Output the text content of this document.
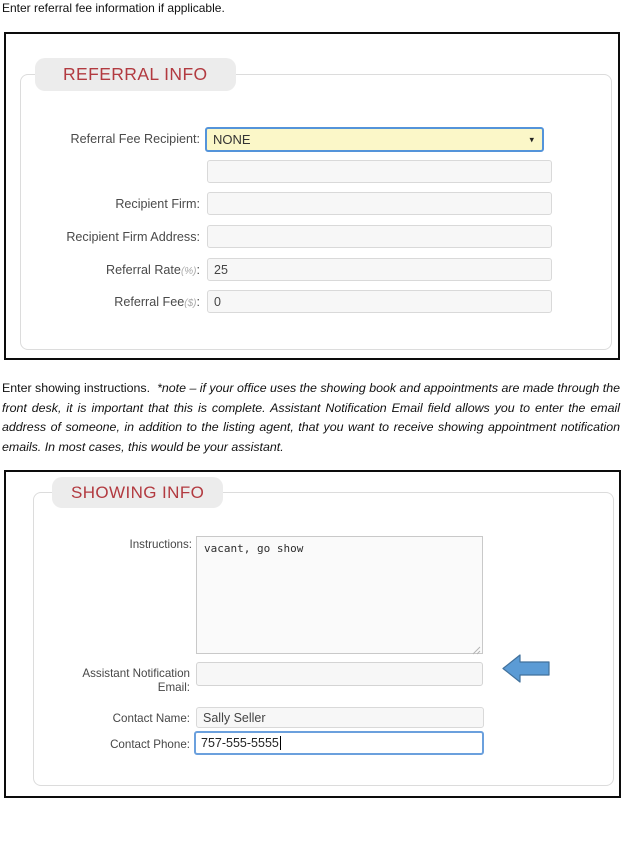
Enter referral fee information if applicable.
REFERRAL INFO
Referral Fee Recipient:	NONE	▾
Recipient Firm:
Recipient Firm Address:
Referral Rate(%):
25
Referral Fee($):
0
Enter showing instructions. *note – if your office uses the showing book and appointments are made through the front desk, it is important that this is complete. Assistant Notification Email field allows you to enter the email address of someone, in addition to the listing agent, that you want to receive showing appointment notification emails. In most cases, this would be your assistant.
SHOWING INFO
Instructions:	vacant, go show
Assistant Notification
Email:
Contact Name:
Sally Seller
Contact Phone: 757-555-5555
